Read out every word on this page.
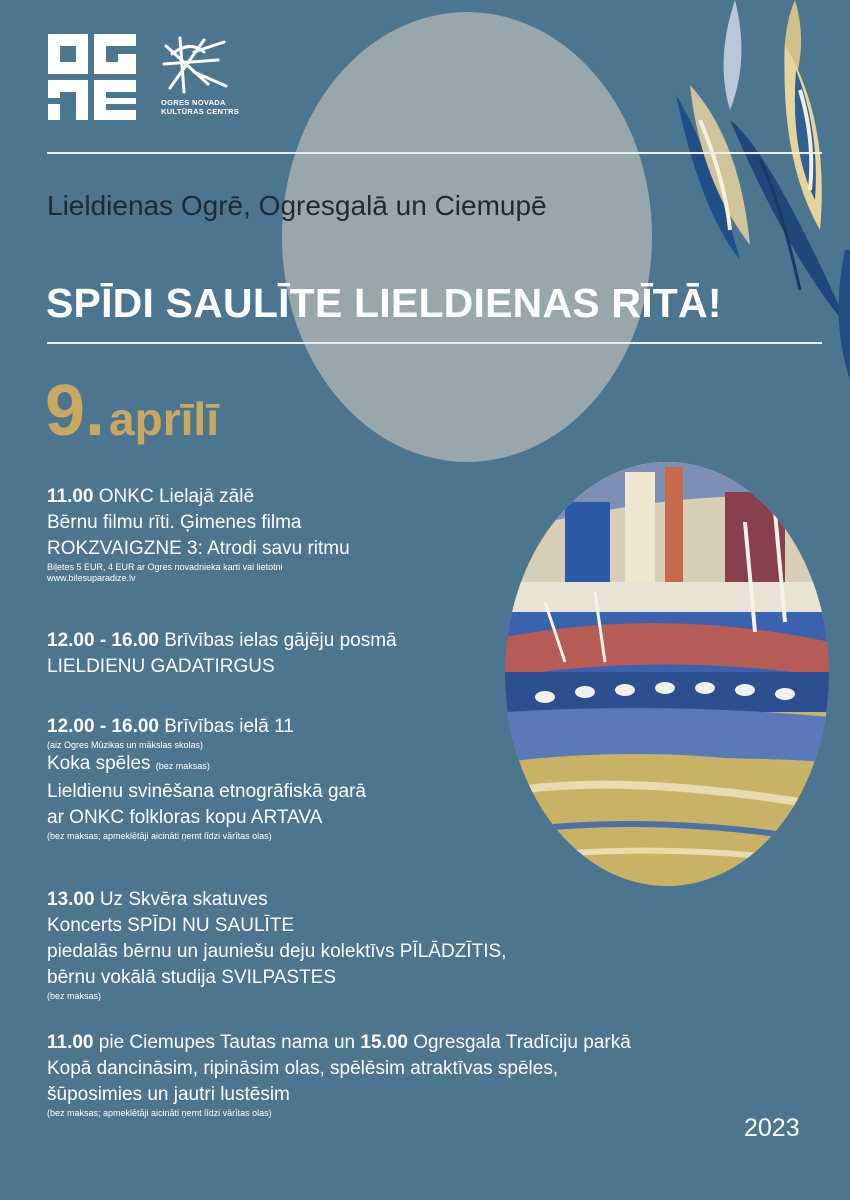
OGRES NOVADA
KULTŪRAS CENTRS
Lieldienas Ogrē, Ogresgalā un Ciemupē
SPĪDI SAULĪTE LIELDIENAS RĪTĀ!
9.aprīlī
11.00 ONKC Lielajā zālē
Bērnu filmu rīti. Ģimenes filma
ROKZVAIGZNE 3: Atrodi savu ritmu
Biļetes 5 EUR, 4 EUR ar Ogres novadnieka karti vai lietotni
www.bilesuparadize.lv
12.00 - 16.00 Brīvības ielas gājēju posmā
LIELDIENU GADATIRGUS
12.00 - 16.00 Brīvības ielā 11
(aiz Ogres Mūzikas un mākslas skolas)
Koka spēles (bez maksas)
Lieldienu svinēšana etnogrāfiskā garā
ar ONKC folkloras kopu ARTAVA
(bez maksas; apmeklētāji aicināti ņemt līdzi vārītas olas)
13.00 Uz Skvēra skatuves
Koncerts SPĪDI NU SAULĪTE
piedalās bērnu un jauniešu deju kolektīvs PĪLĀDZĪTIS,
bērnu vokālā studija SVILPASTES
(bez maksas)
11.00 pie Ciemupes Tautas nama un 15.00 Ogresgala Tradīciju parkā
Kopā dancināsim, ripināsim olas, spēlēsim atraktīvas spēles,
šūposimies un jautri lustēsim
(bez maksas; apmeklētāji aicināti ņemt līdzi vārītas olas)
2023
